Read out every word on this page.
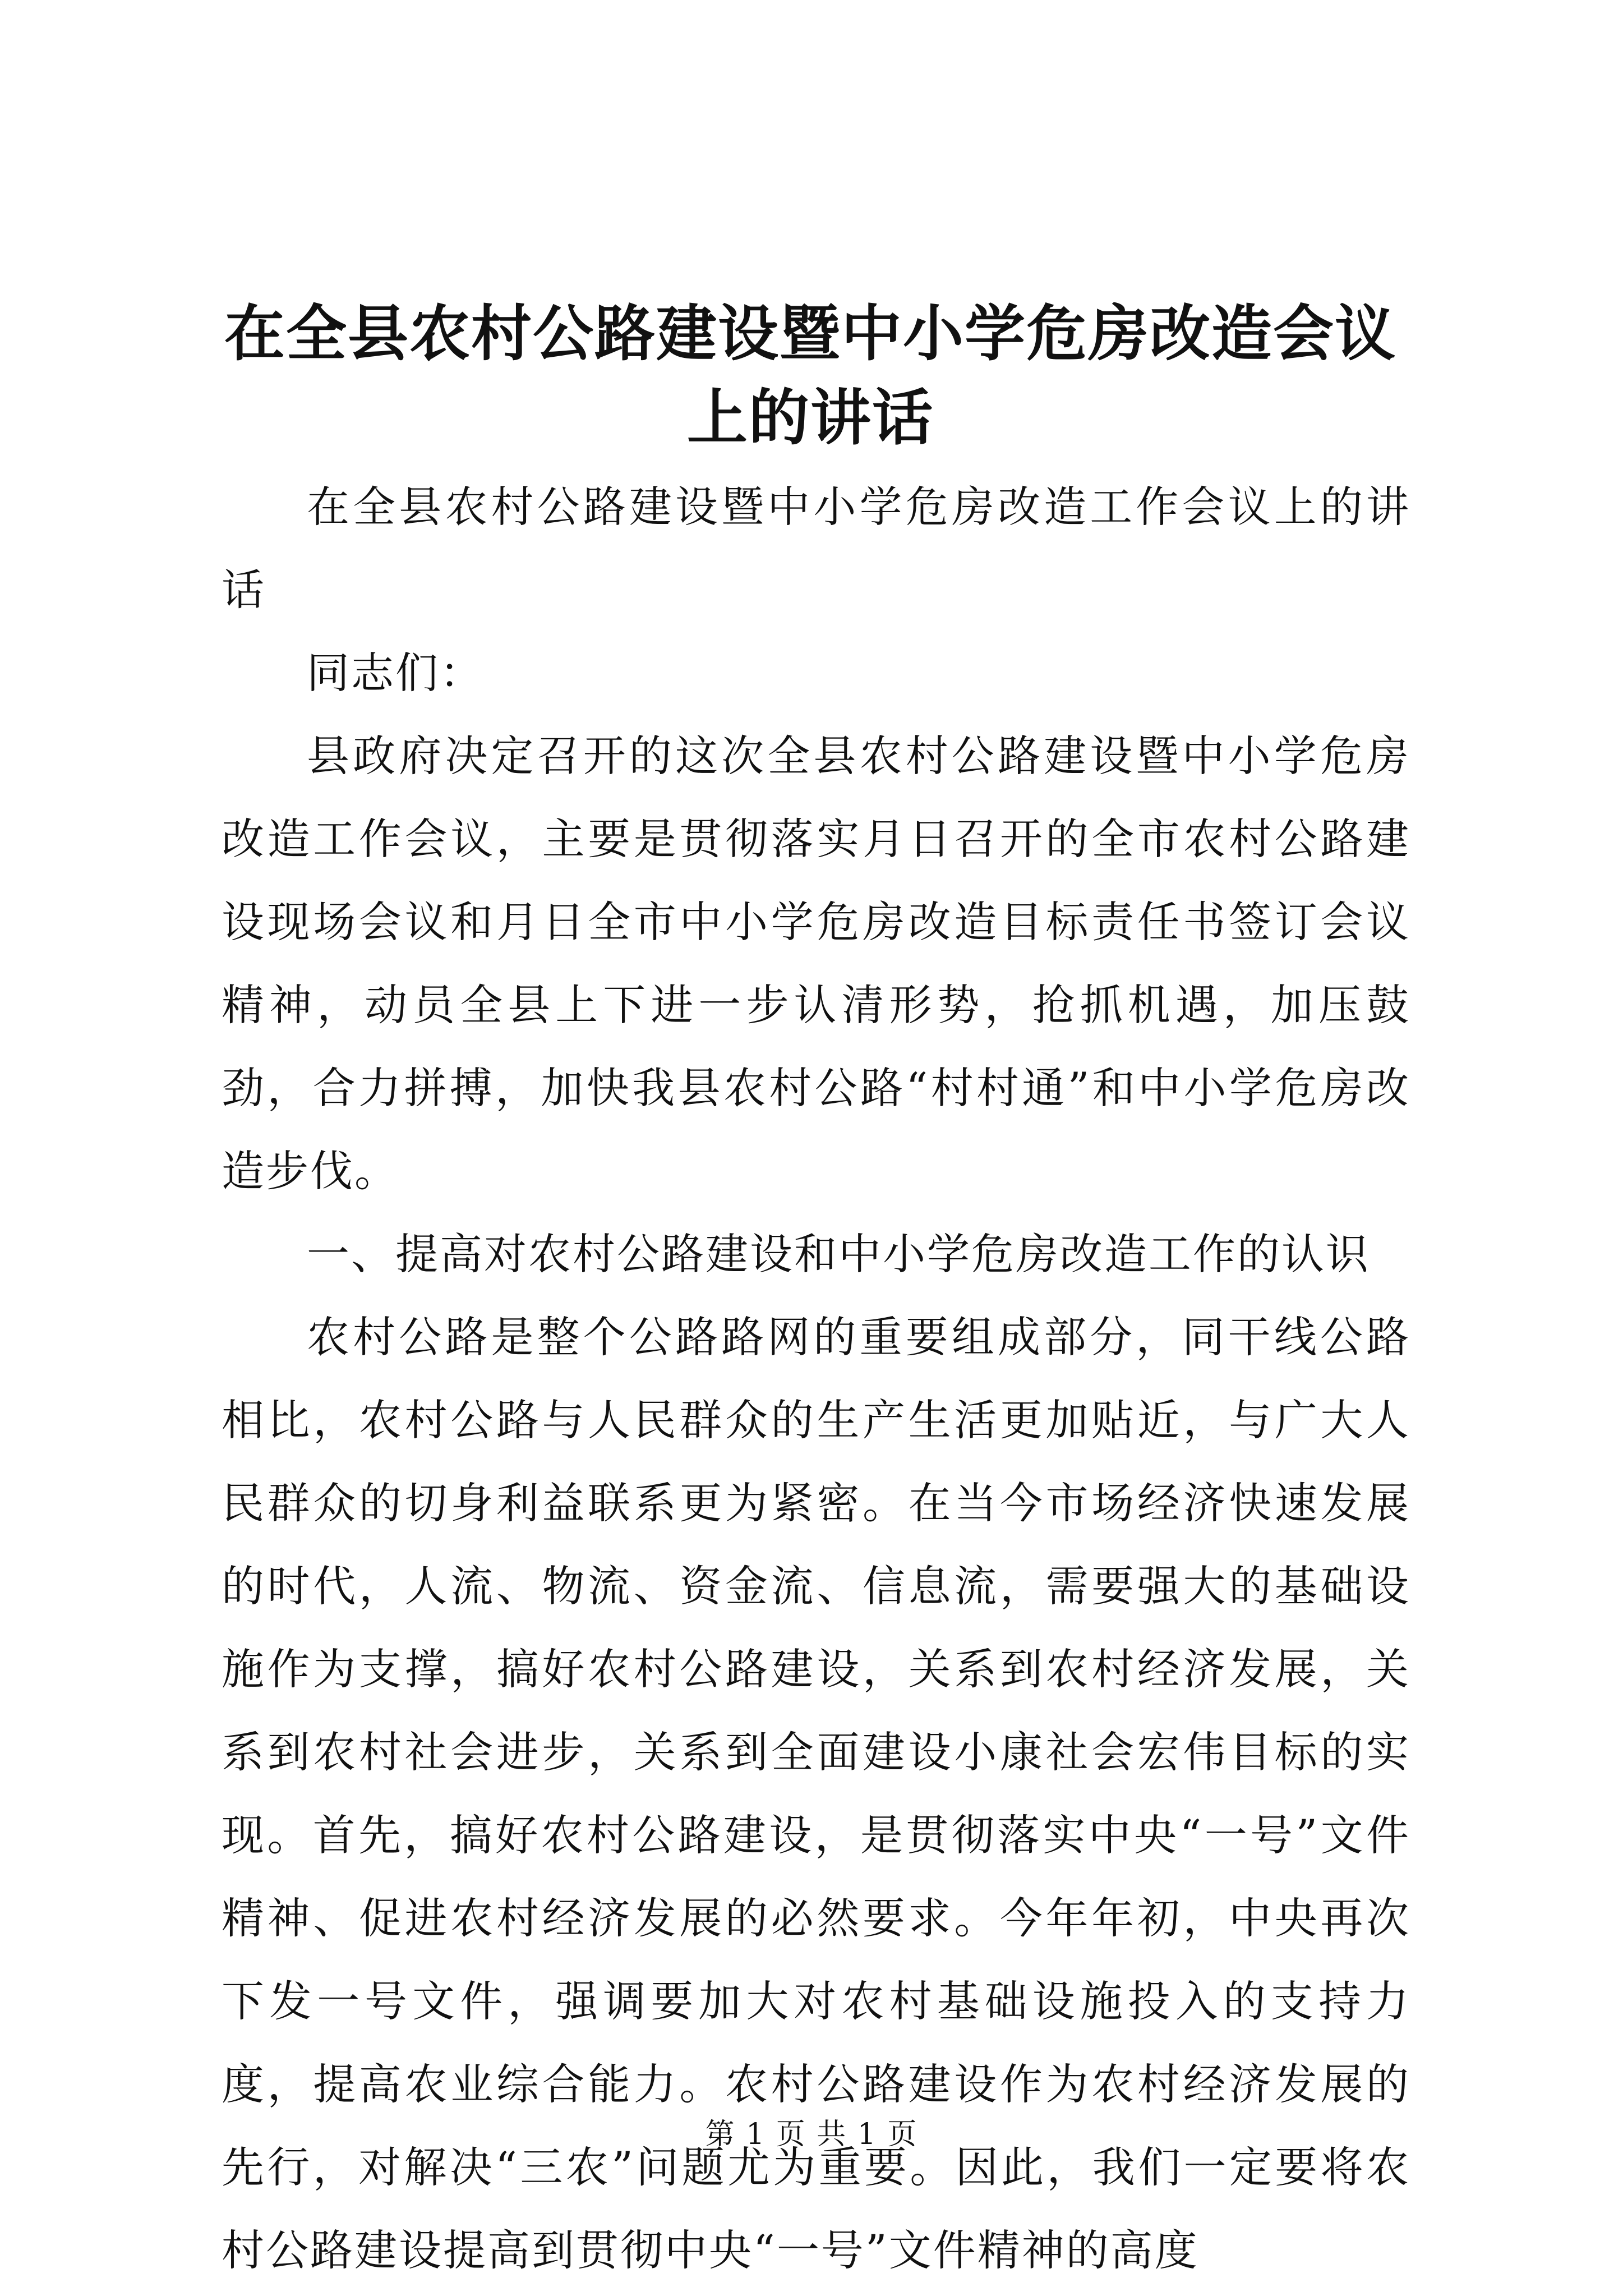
在全县农村公路建设暨中小学危房改造会议上的讲话

在全县农村公路建设暨中小学危房改造工作会议上的讲话

同志们：

县政府决定召开的这次全县农村公路建设暨中小学危房改造工作会议，主要是贯彻落实月日召开的全市农村公路建设现场会议和月日全市中小学危房改造目标责任书签订会议精神，动员全县上下进一步认清形势，抢抓机遇，加压鼓劲，合力拼搏，加快我县农村公路“村村通”和中小学危房改造步伐。

一、提高对农村公路建设和中小学危房改造工作的认识

农村公路是整个公路路网的重要组成部分，同干线公路相比，农村公路与人民群众的生产生活更加贴近，与广大人民群众的切身利益联系更为紧密。在当今市场经济快速发展的时代，人流、物流、资金流、信息流，需要强大的基础设施作为支撑，搞好农村公路建设，关系到农村经济发展，关系到农村社会进步，关系到全面建设小康社会宏伟目标的实现。首先，搞好农村公路建设，是贯彻落实中央“一号”文件精神、促进农村经济发展的必然要求。今年年初，中央再次下发一号文件，强调要加大对农村基础设施投入的支持力度，提高农业综合能力。农村公路建设作为农村经济发展的先行，对解决“三农”问题尤为重要。因此，我们一定要将农村公路建设提高到贯彻中央“一号”文件精神的高度

第 1 页 共 1 页
